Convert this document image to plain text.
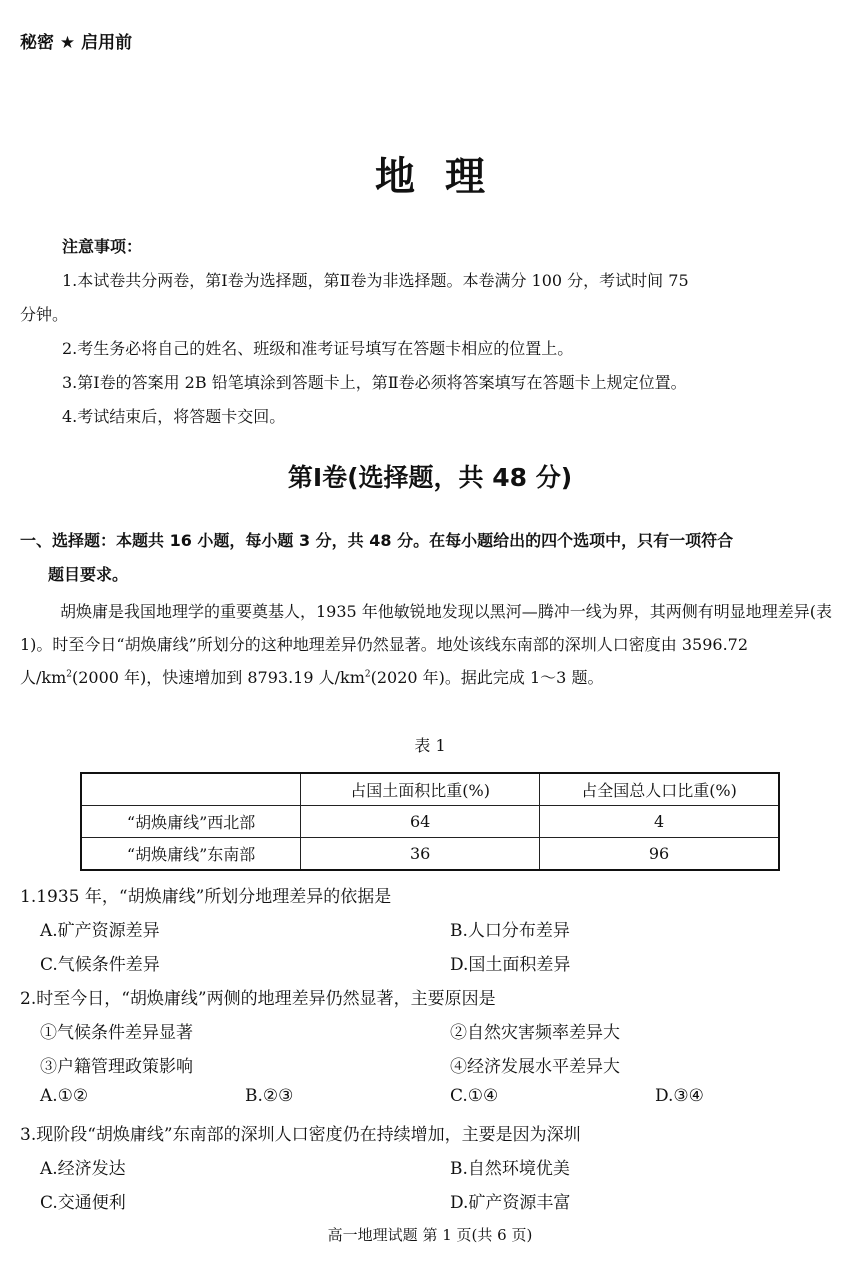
秘密 ★ 启用前
地理
注意事项：
1.本试卷共分两卷，第Ⅰ卷为选择题，第Ⅱ卷为非选择题。本卷满分 100 分，考试时间 75
分钟。
2.考生务必将自己的姓名、班级和准考证号填写在答题卡相应的位置上。
3.第Ⅰ卷的答案用 2B 铅笔填涂到答题卡上，第Ⅱ卷必须将答案填写在答题卡上规定位置。
4.考试结束后，将答题卡交回。
第Ⅰ卷(选择题，共 48 分)
一、选择题：本题共 16 小题，每小题 3 分，共 48 分。在每小题给出的四个选项中，只有一项符合
题目要求。
胡焕庸是我国地理学的重要奠基人，1935 年他敏锐地发现以黑河—腾冲一线为界，其两侧有明显地理差异(表 1)。时至今日“胡焕庸线”所划分的这种地理差异仍然显著。地处该线东南部的深圳人口密度由 3596.72 人$/km^2(2000$ 年)，快速增加到 8793.19 人$/km^2(2020$ 年)。据此完成 1～3 题。
表 1
	占国土面积比重(%)	占全国总人口比重(%)
“胡焕庸线”西北部	64	4
“胡焕庸线”东南部	36	96
1.1935 年，“胡焕庸线”所划分地理差异的依据是
A.矿产资源差异	B.人口分布差异
C.气候条件差异	D.国土面积差异
2.时至今日，“胡焕庸线”两侧的地理差异仍然显著，主要原因是
①气候条件差异显著	②自然灾害频率差异大
③户籍管理政策影响	④经济发展水平差异大
A.①②	B.②③	C.①④	D.③④
3.现阶段“胡焕庸线”东南部的深圳人口密度仍在持续增加，主要是因为深圳
A.经济发达	B.自然环境优美
C.交通便利	D.矿产资源丰富
高一地理试题 第 1 页(共 6 页)
